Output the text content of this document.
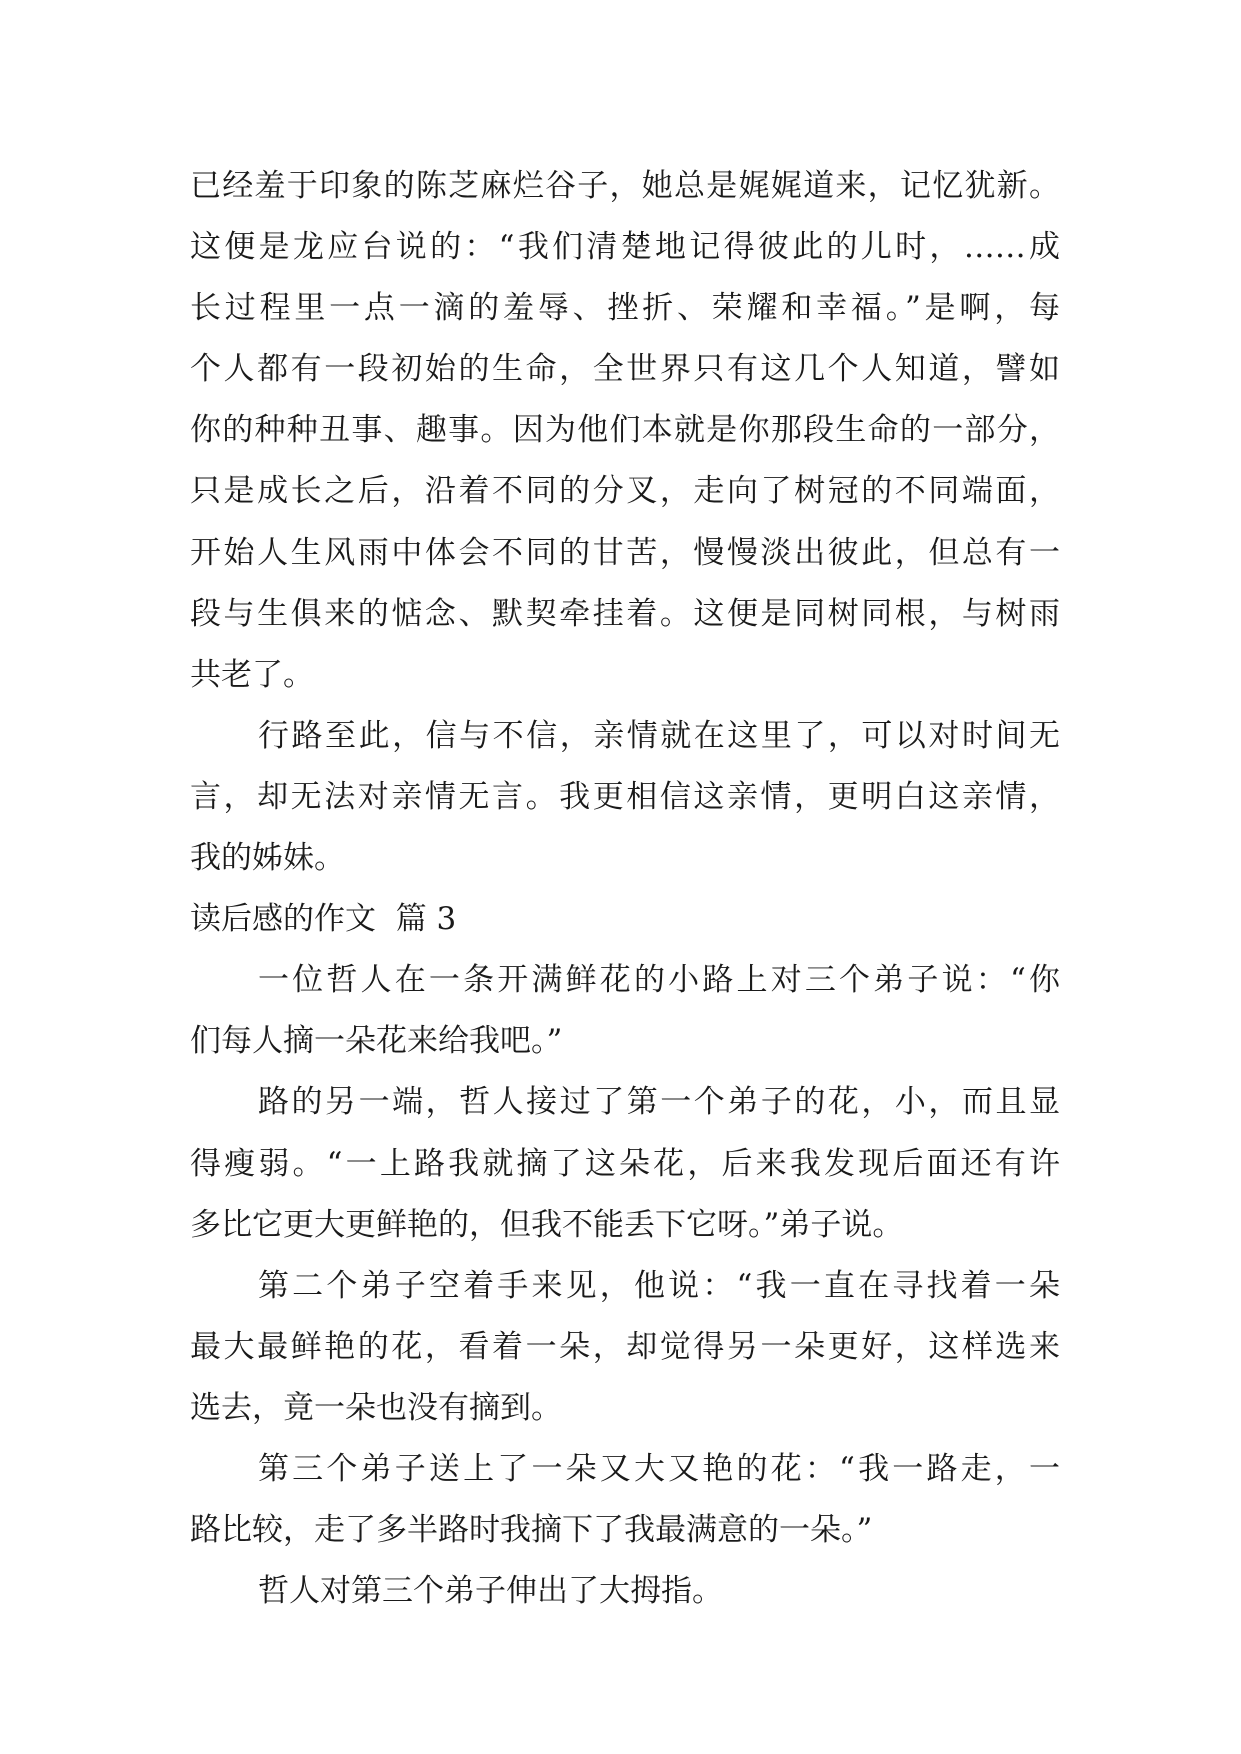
已经羞于印象的陈芝麻烂谷子，她总是娓娓道来，记忆犹新。
这便是龙应台说的：“我们清楚地记得彼此的儿时，……成
长过程里一点一滴的羞辱、挫折、荣耀和幸福。”是啊，每
个人都有一段初始的生命，全世界只有这几个人知道，譬如
你的种种丑事、趣事。因为他们本就是你那段生命的一部分，
只是成长之后，沿着不同的分叉，走向了树冠的不同端面，
开始人生风雨中体会不同的甘苦，慢慢淡出彼此，但总有一
段与生俱来的惦念、默契牵挂着。这便是同树同根，与树雨
共老了。
行路至此，信与不信，亲情就在这里了，可以对时间无
言，却无法对亲情无言。我更相信这亲情，更明白这亲情，
我的姊妹。
读后感的作文  篇 3
一位哲人在一条开满鲜花的小路上对三个弟子说：“你
们每人摘一朵花来给我吧。”
路的另一端，哲人接过了第一个弟子的花，小，而且显
得瘦弱。“一上路我就摘了这朵花，后来我发现后面还有许
多比它更大更鲜艳的，但我不能丢下它呀。”弟子说。
第二个弟子空着手来见，他说：“我一直在寻找着一朵
最大最鲜艳的花，看着一朵，却觉得另一朵更好，这样选来
选去，竟一朵也没有摘到。
第三个弟子送上了一朵又大又艳的花：“我一路走，一
路比较，走了多半路时我摘下了我最满意的一朵。”
哲人对第三个弟子伸出了大拇指。
